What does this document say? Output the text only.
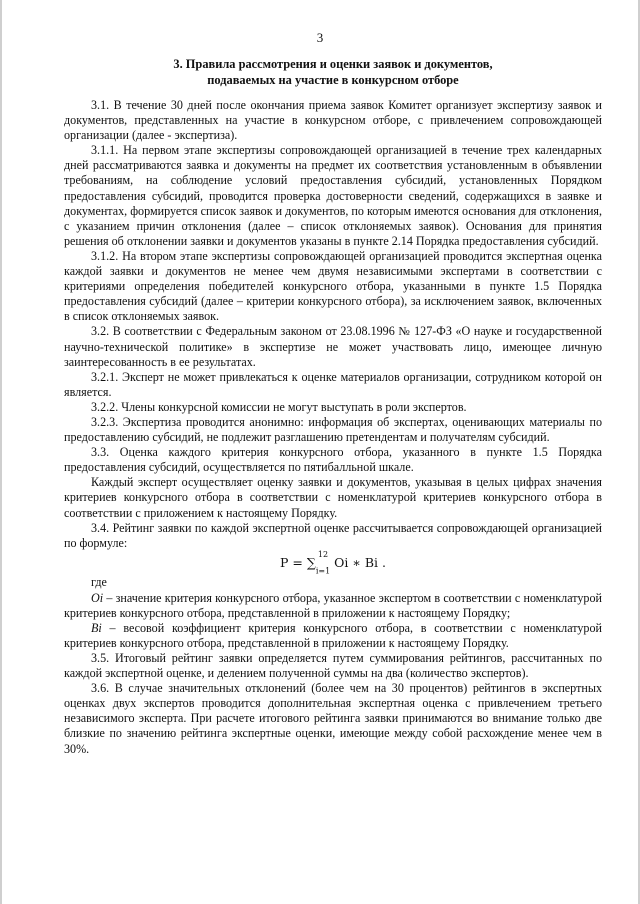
3
3. Правила рассмотрения и оценки заявок и документов,
подаваемых на участие в конкурсном отборе

3.1. В течение 30 дней после окончания приема заявок Комитет организует экспертизу заявок и документов, представленных на участие в конкурсном отборе, с привлечением сопровождающей организации (далее - экспертиза).

3.1.1. На первом этапе экспертизы сопровождающей организацией в течение трех календарных дней рассматриваются заявка и документы на предмет их соответствия установленным в объявлении требованиям, на соблюдение условий предоставления субсидий, установленных Порядком предоставления субсидий, проводится проверка достоверности сведений, содержащихся в заявке и документах, формируется список заявок и документов, по которым имеются основания для отклонения, с указанием причин отклонения (далее – список отклоняемых заявок). Основания для принятия решения об отклонении заявки и документов указаны в пункте 2.14 Порядка предоставления субсидий.

3.1.2. На втором этапе экспертизы сопровождающей организацией проводится экспертная оценка каждой заявки и документов не менее чем двумя независимыми экспертами в соответствии с критериями определения победителей конкурсного отбора, указанными в пункте 1.5 Порядка предоставления субсидий (далее – критерии конкурсного отбора), за исключением заявок, включенных в список отклоняемых заявок.

3.2. В соответствии с Федеральным законом от 23.08.1996 № 127-ФЗ «О науке и государственной научно-технической политике» в экспертизе не может участвовать лицо, имеющее личную заинтересованность в ее результатах.

3.2.1. Эксперт не может привлекаться к оценке материалов организации, сотрудником которой он является.

3.2.2. Члены конкурсной комиссии не могут выступать в роли экспертов.

3.2.3. Экспертиза проводится анонимно: информация об экспертах, оценивающих материалы по предоставлению субсидий, не подлежит разглашению претендентам и получателям субсидий.

3.3. Оценка каждого критерия конкурсного отбора, указанного в пункте 1.5 Порядка предоставления субсидий, осуществляется по пятибалльной шкале.

Каждый эксперт осуществляет оценку заявки и документов, указывая в целых цифрах значения критериев конкурсного отбора в соответствии с номенклатурой критериев конкурсного отбора в соответствии с приложением к настоящему Порядку.

3.4. Рейтинг заявки по каждой экспертной оценке рассчитывается сопровождающей организацией по формуле:

P = ∑$^{12}$
$_{i=1}$ Oi ∗ Bi .

где

Oi – значение критерия конкурсного отбора, указанное экспертом в соответствии с номенклатурой критериев конкурсного отбора, представленной в приложении к настоящему Порядку;

Bi – весовой коэффициент критерия конкурсного отбора, в соответствии с номенклатурой критериев конкурсного отбора, представленной в приложении к настоящему Порядку.

3.5. Итоговый рейтинг заявки определяется путем суммирования рейтингов, рассчитанных по каждой экспертной оценке, и делением полученной суммы на два (количество экспертов).

3.6. В случае значительных отклонений (более чем на 30 процентов) рейтингов в экспертных оценках двух экспертов проводится дополнительная экспертная оценка с привлечением третьего независимого эксперта. При расчете итогового рейтинга заявки принимаются во внимание только две близкие по значению рейтинга экспертные оценки, имеющие между собой расхождение менее чем в 30%.
